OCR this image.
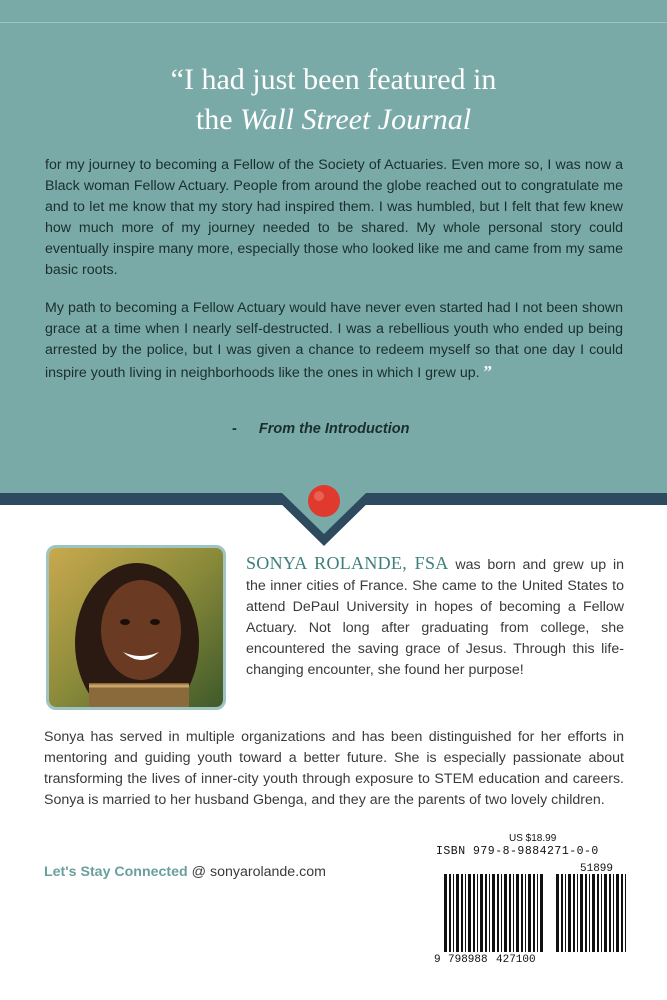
“I had just been featured in
the Wall Street Journal
for my journey to becoming a Fellow of the Society of Actuaries. Even more so, I was now a Black woman Fellow Actuary. People from around the globe reached out to congratulate me and to let me know that my story had inspired them. I was humbled, but I felt that few knew how much more of my journey needed to be shared. My whole personal story could eventually inspire many more, especially those who looked like me and came from my same basic roots.
My path to becoming a Fellow Actuary would have never even started had I not been shown grace at a time when I nearly self-destructed. I was a rebellious youth who ended up being arrested by the police, but I was given a chance to redeem myself so that one day I could inspire youth living in neighborhoods like the ones in which I grew up. ”
- From the Introduction
SONYA ROLANDE, FSA was born and grew up in the inner cities of France. She came to the United States to attend DePaul University in hopes of becoming a Fellow Actuary. Not long after graduating from college, she encountered the saving grace of Jesus. Through this life-changing encounter, she found her purpose!
Sonya has served in multiple organizations and has been distinguished for her efforts in mentoring and guiding youth toward a better future. She is especially passionate about transforming the lives of inner-city youth through exposure to STEM education and careers. Sonya is married to her husband Gbenga, and they are the parents of two lovely children.
Let's Stay Connected @ sonyarolande.com
US $18.99
ISBN 979-8-9884271-0-0
51899
9 798988 427100
